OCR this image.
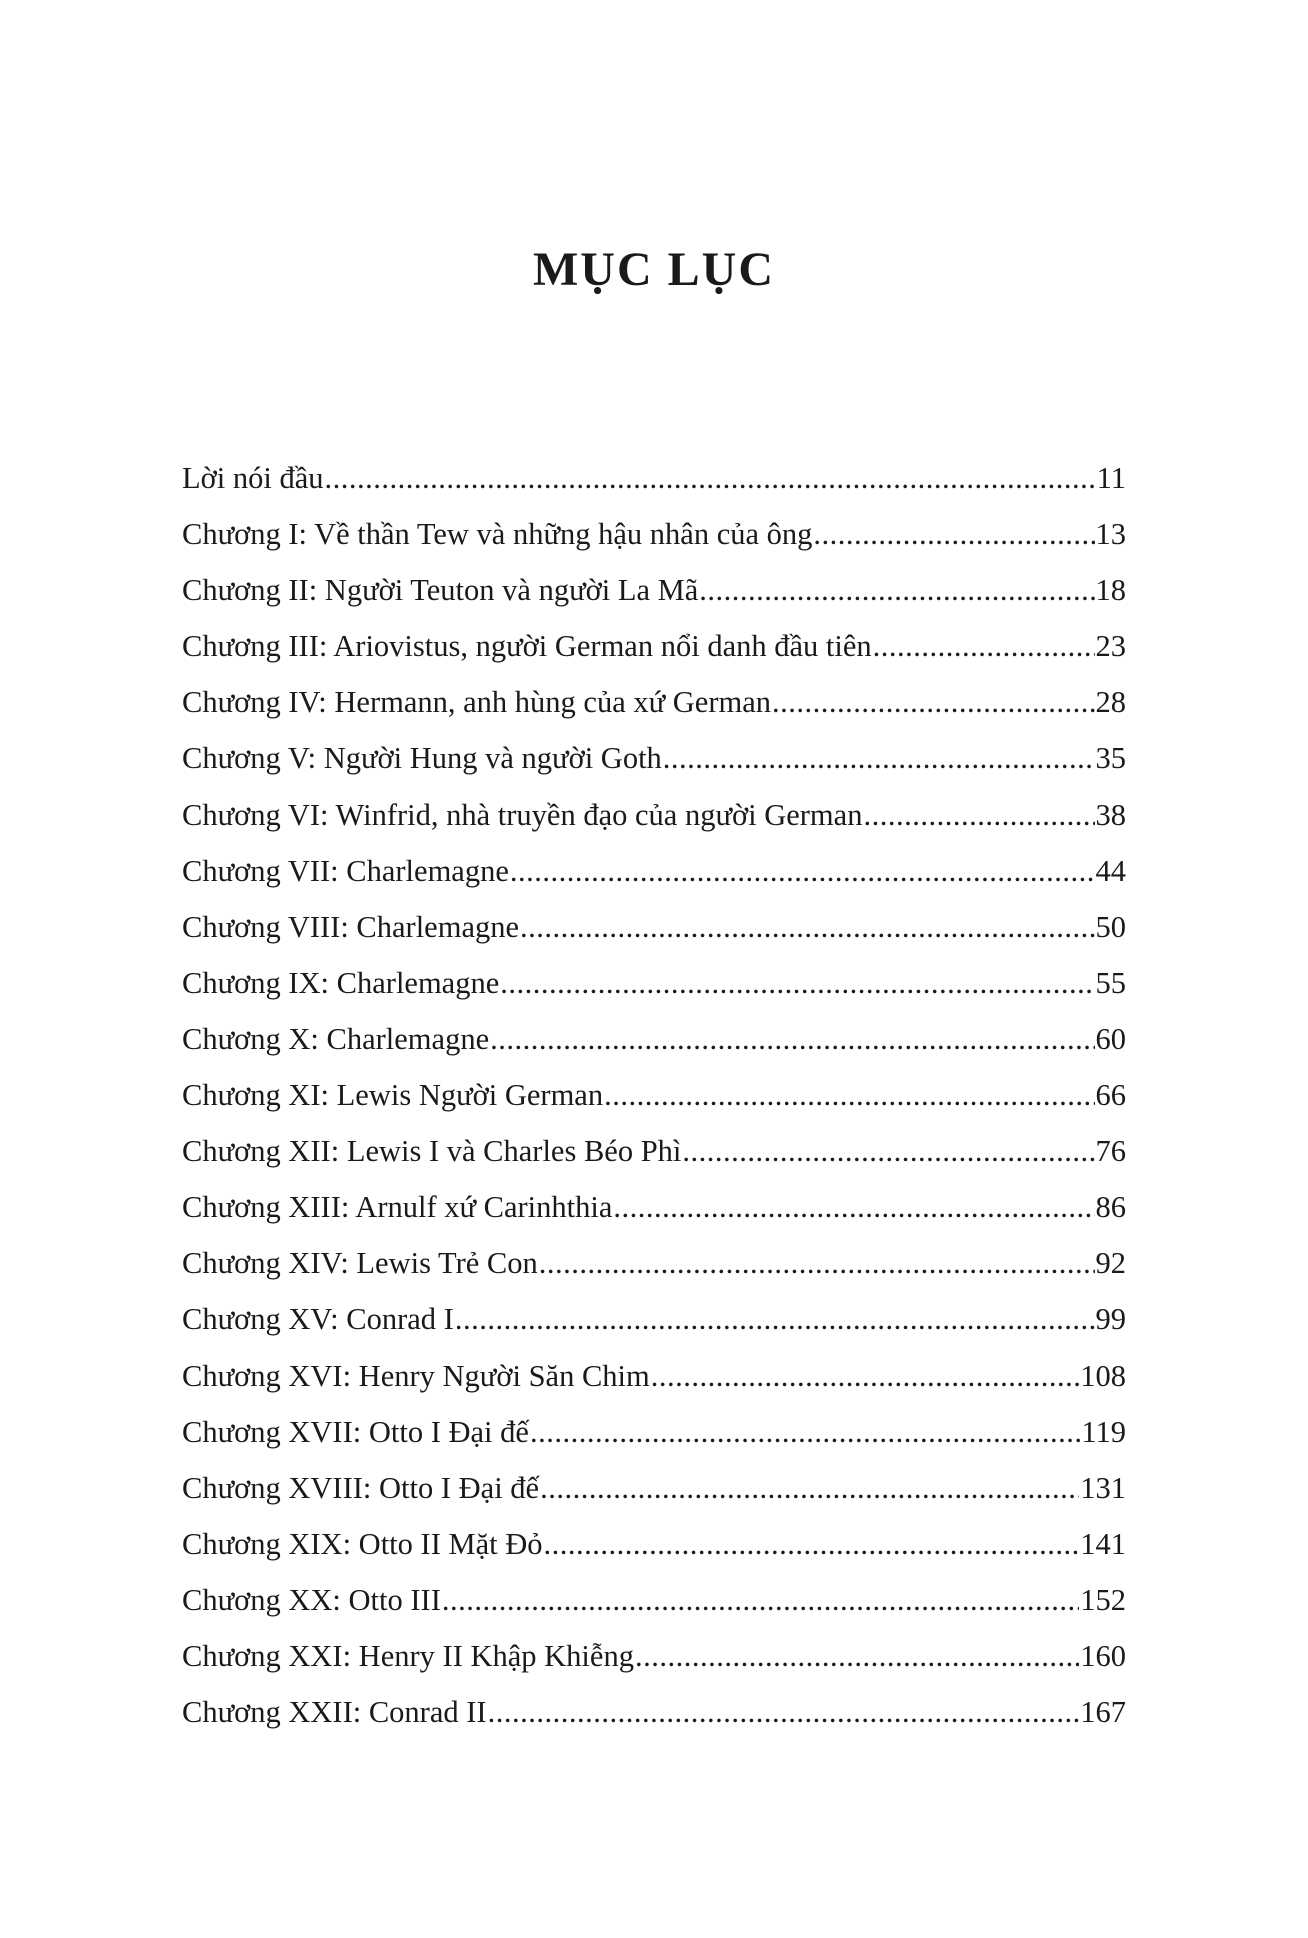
MỤC LỤC
Lời nói đầu .....	11
Chương I: Về thần Tew và những hậu nhân của ông .....	13
Chương II: Người Teuton và người La Mã .....	18
Chương III: Ariovistus, người German nổi danh đầu tiên .....	23
Chương IV: Hermann, anh hùng của xứ German .....	28
Chương V: Người Hung và người Goth .....	35
Chương VI: Winfrid, nhà truyền đạo của người German .....	38
Chương VII: Charlemagne .....	44
Chương VIII: Charlemagne .....	50
Chương IX: Charlemagne .....	55
Chương X: Charlemagne .....	60
Chương XI: Lewis Người German .....	66
Chương XII: Lewis I và Charles Béo Phì .....	76
Chương XIII: Arnulf xứ Carinhthia .....	86
Chương XIV: Lewis Trẻ Con .....	92
Chương XV: Conrad I .....	99
Chương XVI: Henry Người Săn Chim .....	108
Chương XVII: Otto I Đại đế .....	119
Chương XVIII: Otto I Đại đế .....	131
Chương XIX: Otto II Mặt Đỏ .....	141
Chương XX: Otto III .....	152
Chương XXI: Henry II Khập Khiễng .....	160
Chương XXII: Conrad II .....	167
